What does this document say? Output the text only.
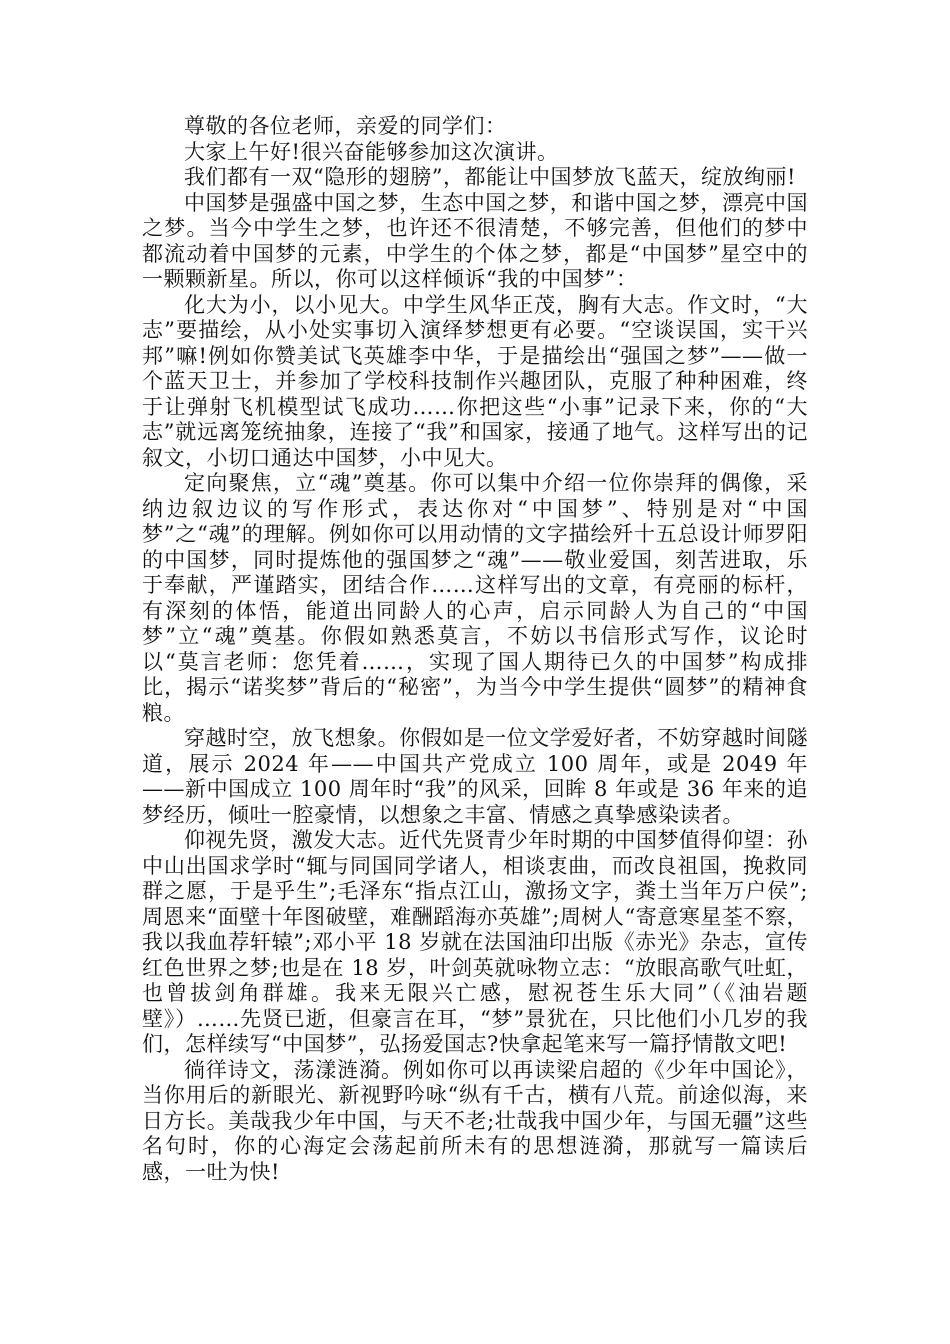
尊敬的各位老师，亲爱的同学们：

大家上午好!很兴奋能够参加这次演讲。

我们都有一双“隐形的翅膀”，都能让中国梦放飞蓝天，绽放绚丽!

中国梦是强盛中国之梦，生态中国之梦，和谐中国之梦，漂亮中国之梦。当今中学生之梦，也许还不很清楚，不够完善，但他们的梦中都流动着中国梦的元素，中学生的个体之梦，都是“中国梦”星空中的一颗颗新星。所以，你可以这样倾诉“我的中国梦”：

化大为小，以小见大。中学生风华正茂，胸有大志。作文时，“大志”要描绘，从小处实事切入演绎梦想更有必要。“空谈误国，实干兴邦”嘛!例如你赞美试飞英雄李中华，于是描绘出“强国之梦”——做一个蓝天卫士，并参加了学校科技制作兴趣团队，克服了种种困难，终于让弹射飞机模型试飞成功……你把这些“小事”记录下来，你的“大志”就远离笼统抽象，连接了“我”和国家，接通了地气。这样写出的记叙文，小切口通达中国梦，小中见大。

定向聚焦，立“魂”奠基。你可以集中介绍一位你崇拜的偶像，采纳边叙边议的写作形式，表达你对“中国梦”、特别是对“中国梦”之“魂”的理解。例如你可以用动情的文字描绘歼十五总设计师罗阳的中国梦，同时提炼他的强国梦之“魂”——敬业爱国，刻苦进取，乐于奉献，严谨踏实，团结合作……这样写出的文章，有亮丽的标杆，有深刻的体悟，能道出同龄人的心声，启示同龄人为自己的“中国梦”立“魂”奠基。你假如熟悉莫言，不妨以书信形式写作，议论时以“莫言老师：您凭着……，实现了国人期待已久的中国梦”构成排比，揭示“诺奖梦”背后的“秘密”，为当今中学生提供“圆梦”的精神食粮。

穿越时空，放飞想象。你假如是一位文学爱好者，不妨穿越时间隧道，展示 2024 年——中国共产党成立 100 周年，或是 2049 年——新中国成立 100 周年时“我”的风采，回眸 8 年或是 36 年来的追梦经历，倾吐一腔豪情，以想象之丰富、情感之真挚感染读者。

仰视先贤，激发大志。近代先贤青少年时期的中国梦值得仰望：孙中山出国求学时“辄与同国同学诸人，相谈衷曲，而改良祖国，挽救同群之愿，于是乎生”;毛泽东“指点江山，激扬文字，粪土当年万户侯”;周恩来“面壁十年图破壁，难酬蹈海亦英雄”;周树人“寄意寒星荃不察，我以我血荐轩辕”;邓小平 18 岁就在法国油印出版《赤光》杂志，宣传红色世界之梦;也是在 18 岁，叶剑英就咏物立志：“放眼高歌气吐虹，也曾拔剑角群雄。我来无限兴亡感，慰祝苍生乐大同”（《油岩题壁》）……先贤已逝，但豪言在耳，“梦”景犹在，只比他们小几岁的我们，怎样续写“中国梦”，弘扬爱国志?快拿起笔来写一篇抒情散文吧!

徜徉诗文，荡漾涟漪。例如你可以再读梁启超的《少年中国论》，当你用后的新眼光、新视野吟咏“纵有千古，横有八荒。前途似海，来日方长。美哉我少年中国，与天不老;壮哉我中国少年，与国无疆”这些名句时，你的心海定会荡起前所未有的思想涟漪，那就写一篇读后感，一吐为快!
